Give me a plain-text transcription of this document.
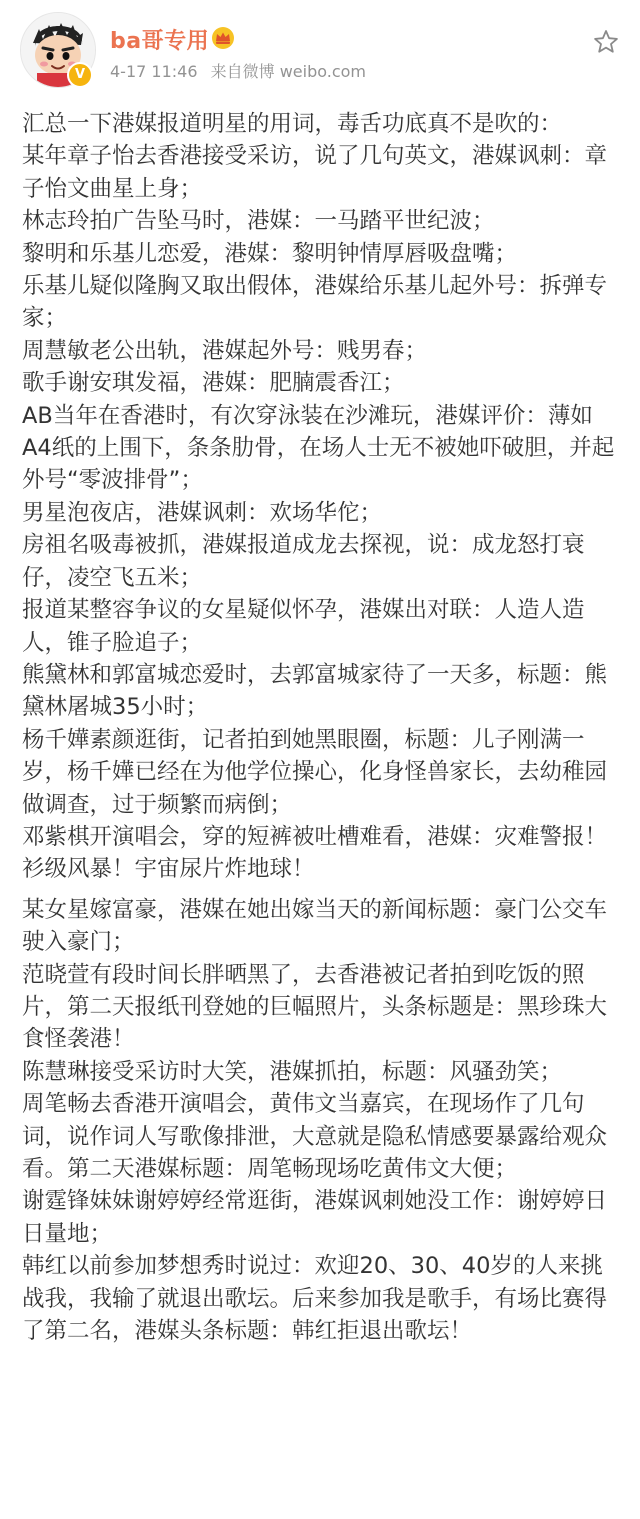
V
ba哥专用
4-17 11:46 来自微博 weibo.com

汇总一下港媒报道明星的用词，毒舌功底真不是吹的：

某年章子怡去香港接受采访，说了几句英文，港媒讽刺：章子怡文曲星上身；

林志玲拍广告坠马时，港媒：一马踏平世纪波；

黎明和乐基儿恋爱，港媒：黎明钟情厚唇吸盘嘴；

乐基儿疑似隆胸又取出假体，港媒给乐基儿起外号：拆弹专家；

周慧敏老公出轨，港媒起外号：贱男春；

歌手谢安琪发福，港媒：肥腩震香江；

AB当年在香港时，有次穿泳装在沙滩玩，港媒评价：薄如A4纸的上围下，条条肋骨，在场人士无不被她吓破胆，并起外号“零波排骨”；

男星泡夜店，港媒讽刺：欢场华佗；

房祖名吸毒被抓，港媒报道成龙去探视，说：成龙怒打衰仔，凌空飞五米；

报道某整容争议的女星疑似怀孕，港媒出对联：人造人造人，锥子脸追子；

熊黛林和郭富城恋爱时，去郭富城家待了一天多，标题：熊黛林屠城35小时；

杨千嬅素颜逛街，记者拍到她黑眼圈，标题：儿子刚满一岁，杨千嬅已经在为他学位操心，化身怪兽家长，去幼稚园做调查，过于频繁而病倒；

邓紫棋开演唱会，穿的短裤被吐槽难看，港媒：灾难警报！衫级风暴！宇宙尿片炸地球！

某女星嫁富豪，港媒在她出嫁当天的新闻标题：豪门公交车驶入豪门；

范晓萱有段时间长胖晒黑了，去香港被记者拍到吃饭的照片，第二天报纸刊登她的巨幅照片，头条标题是：黑珍珠大食怪袭港！

陈慧琳接受采访时大笑，港媒抓拍，标题：风骚劲笑；

周笔畅去香港开演唱会，黄伟文当嘉宾，在现场作了几句词，说作词人写歌像排泄，大意就是隐私情感要暴露给观众看。第二天港媒标题：周笔畅现场吃黄伟文大便；

谢霆锋妹妹谢婷婷经常逛街，港媒讽刺她没工作：谢婷婷日日量地；

韩红以前参加梦想秀时说过：欢迎20、30、40岁的人来挑战我，我输了就退出歌坛。后来参加我是歌手，有场比赛得了第二名，港媒头条标题：韩红拒退出歌坛！
